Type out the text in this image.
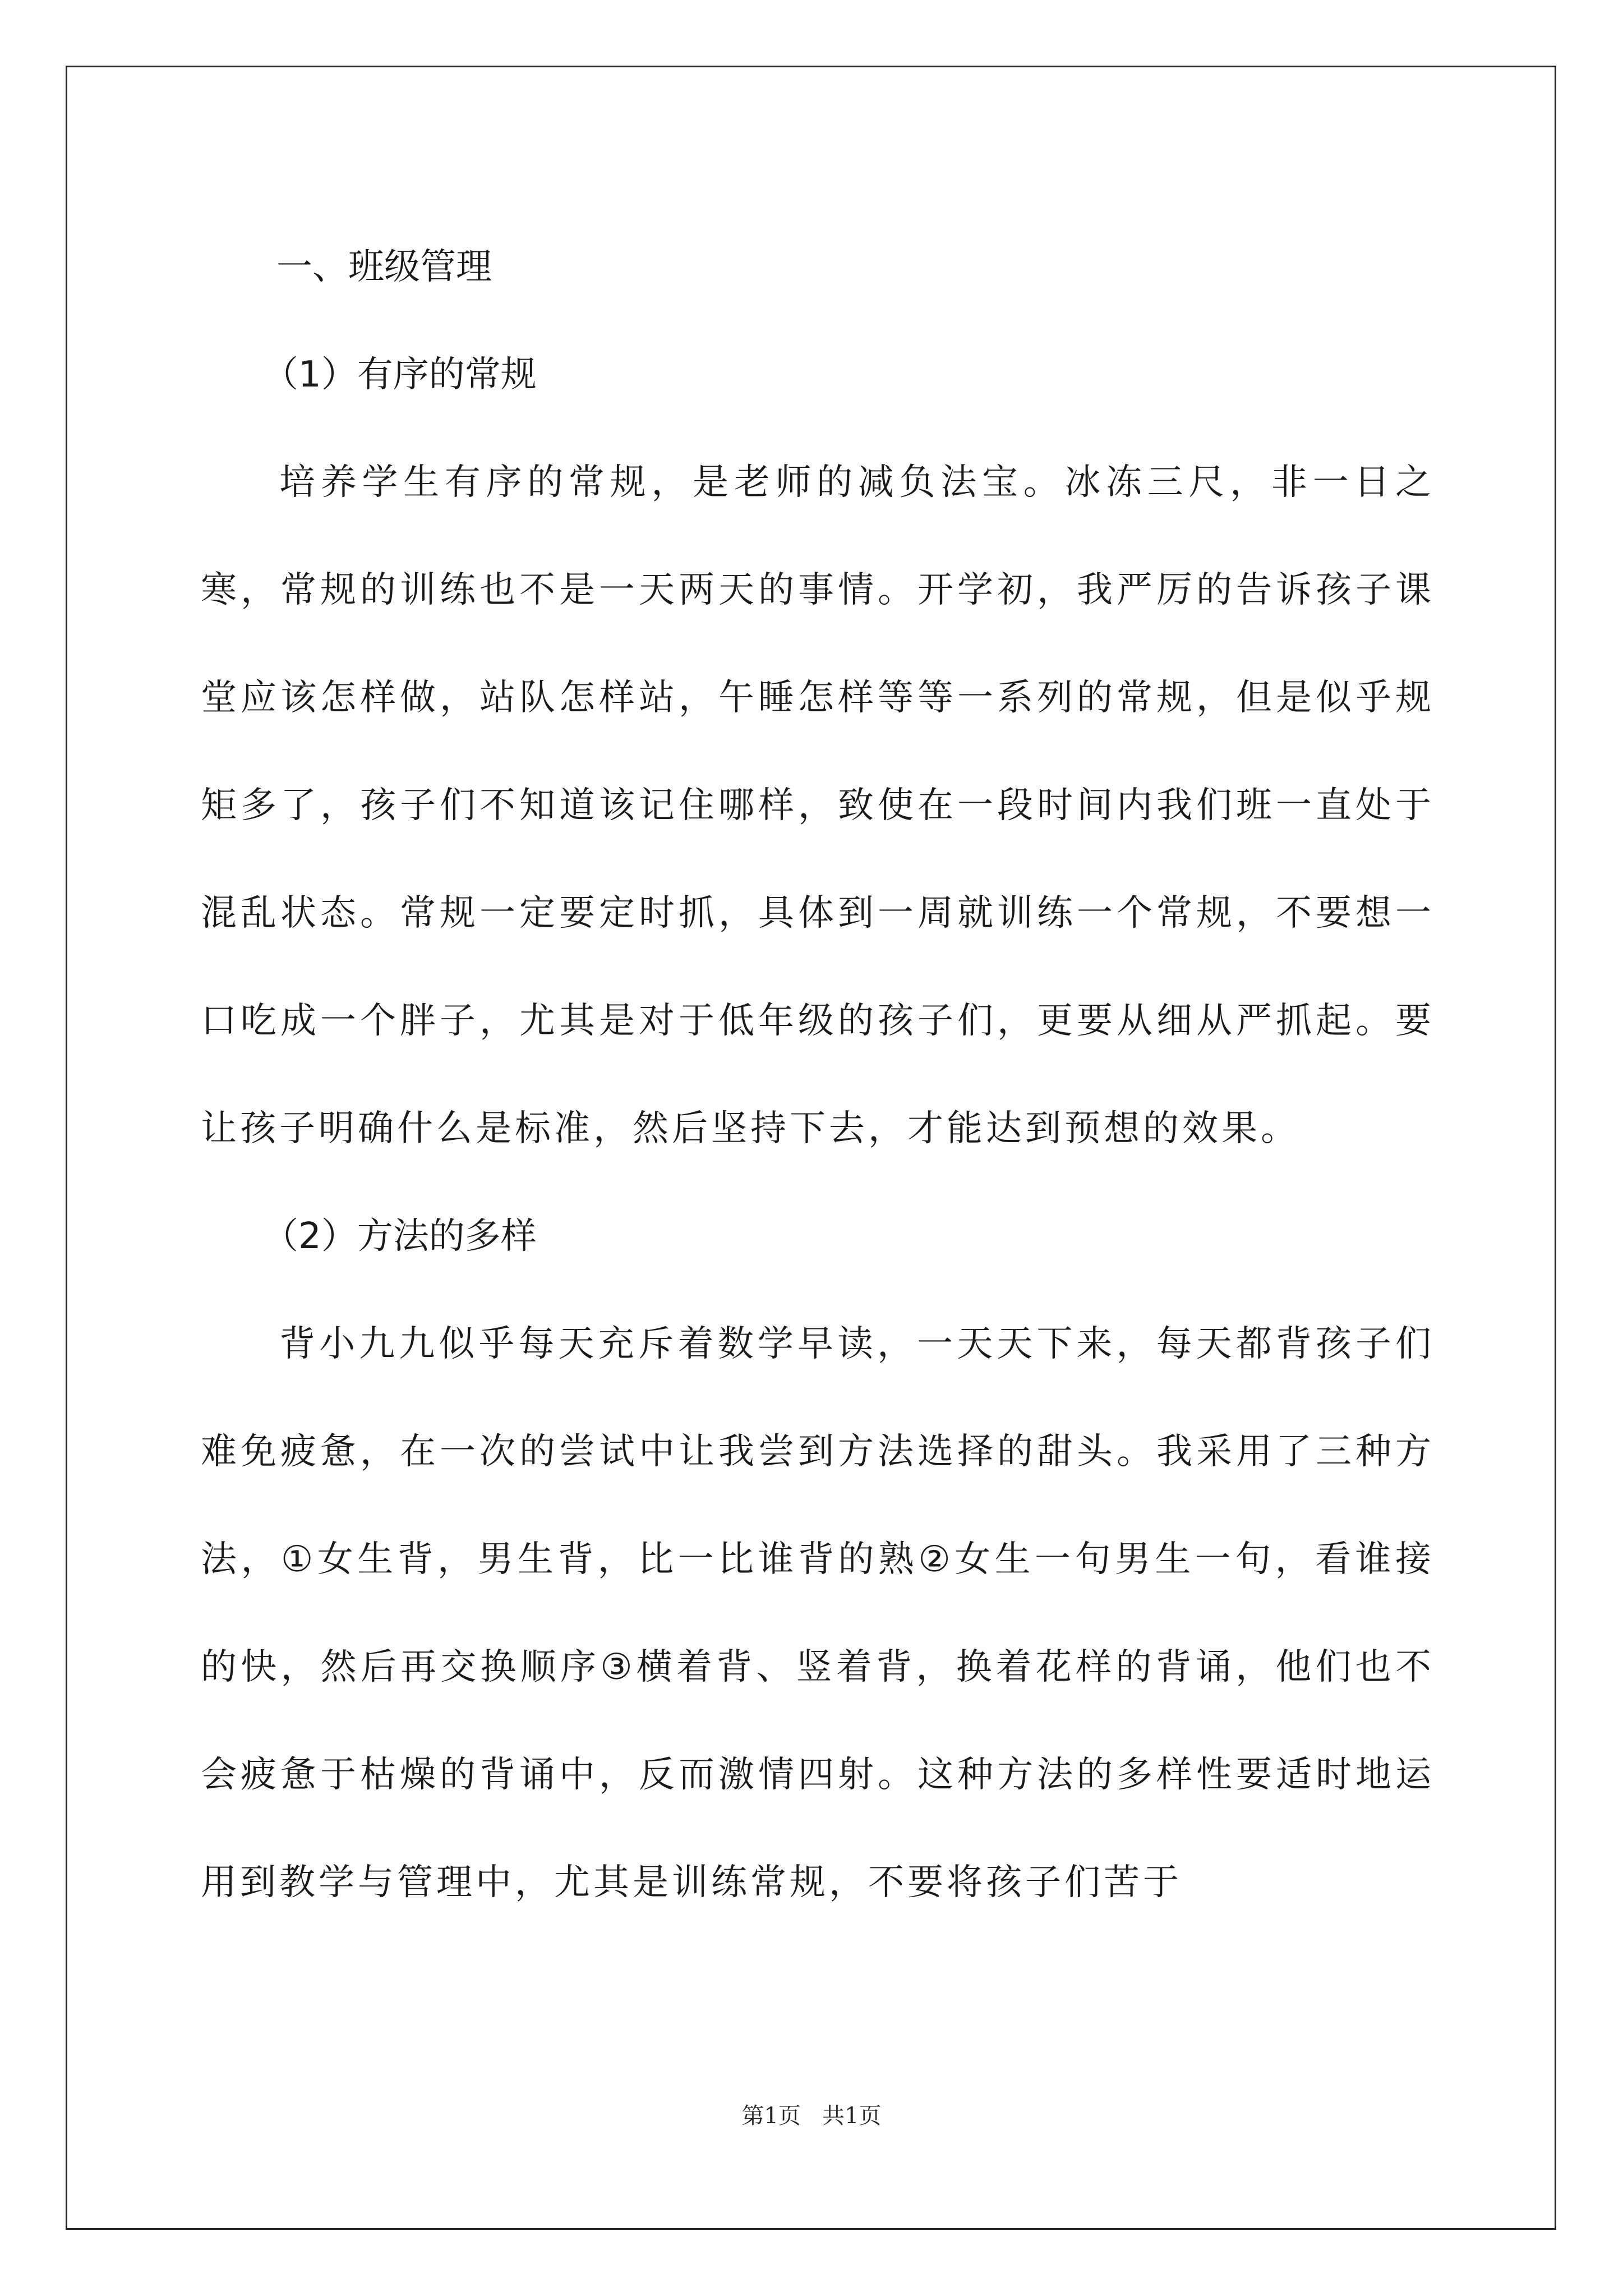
一、班级管理

（1）有序的常规

培养学生有序的常规，是老师的减负法宝。冰冻三尺，非一日之寒，常规的训练也不是一天两天的事情。开学初，我严厉的告诉孩子课堂应该怎样做，站队怎样站，午睡怎样等等一系列的常规，但是似乎规矩多了，孩子们不知道该记住哪样，致使在一段时间内我们班一直处于混乱状态。常规一定要定时抓，具体到一周就训练一个常规，不要想一口吃成一个胖子，尤其是对于低年级的孩子们，更要从细从严抓起。要让孩子明确什么是标准，然后坚持下去，才能达到预想的效果。

（2）方法的多样

背小九九似乎每天充斥着数学早读，一天天下来，每天都背孩子们难免疲惫，在一次的尝试中让我尝到方法选择的甜头。我采用了三种方法，①女生背，男生背，比一比谁背的熟②女生一句男生一句，看谁接的快，然后再交换顺序③横着背、竖着背，换着花样的背诵，他们也不会疲惫于枯燥的背诵中，反而激情四射。这种方法的多样性要适时地运用到教学与管理中，尤其是训练常规，不要将孩子们苦于

第1页   共1页
